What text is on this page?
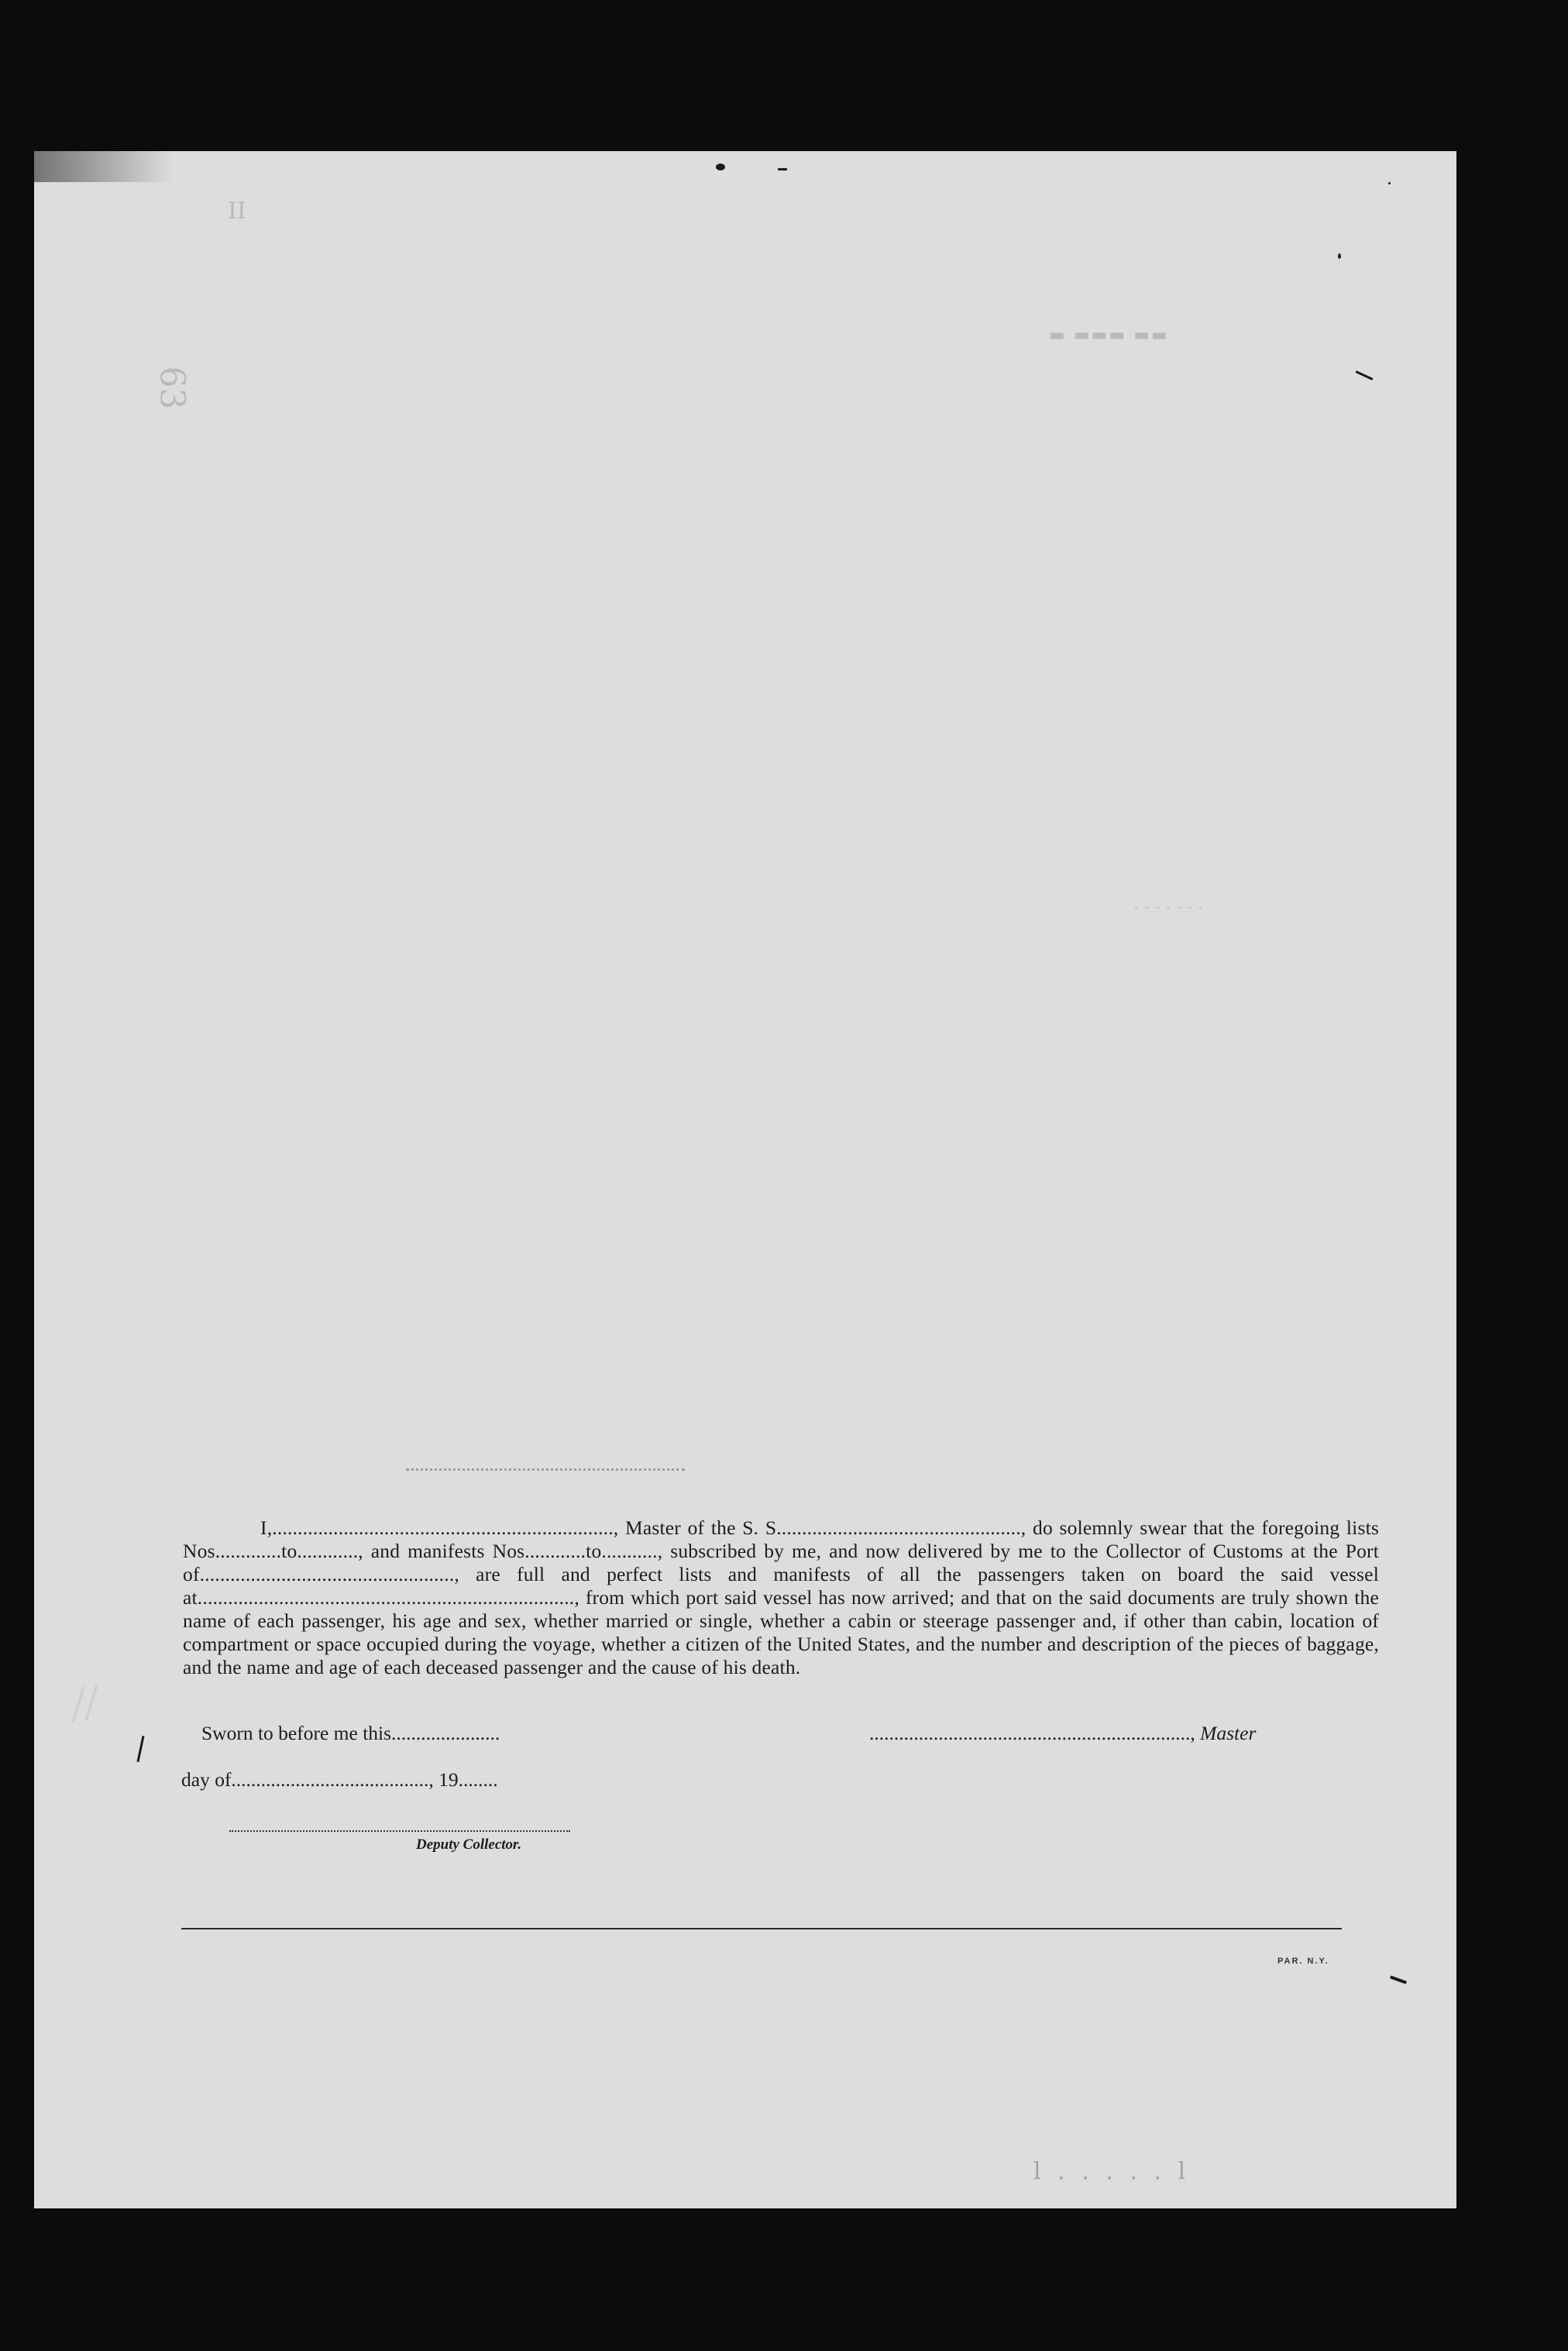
II
63
▬ ▬▬▬ ▬▬
- - - - - - -

I,..................................................................., Master of the S. S................................................, do solemnly swear that the foregoing lists Nos.............to............, and manifests Nos............to..........., subscribed by me, and now delivered by me to the Collector of Customs at the Port of.................................................., are full and perfect lists and manifests of all the passengers taken on board the said vessel at.........................................................................., from which port said vessel has now arrived; and that on the said documents are truly shown the name of each passenger, his age and sex, whether married or single, whether a cabin or steerage passenger and, if other than cabin, location of compartment or space occupied during the voyage, whether a citizen of the United States, and the number and description of the pieces of baggage, and the name and age of each deceased passenger and the cause of his death.

Sworn to before me this......................	................................................................., Master
day of........................................, 19........
Deputy Collector.
PAR. N.Y.
l . . . . . l
//
